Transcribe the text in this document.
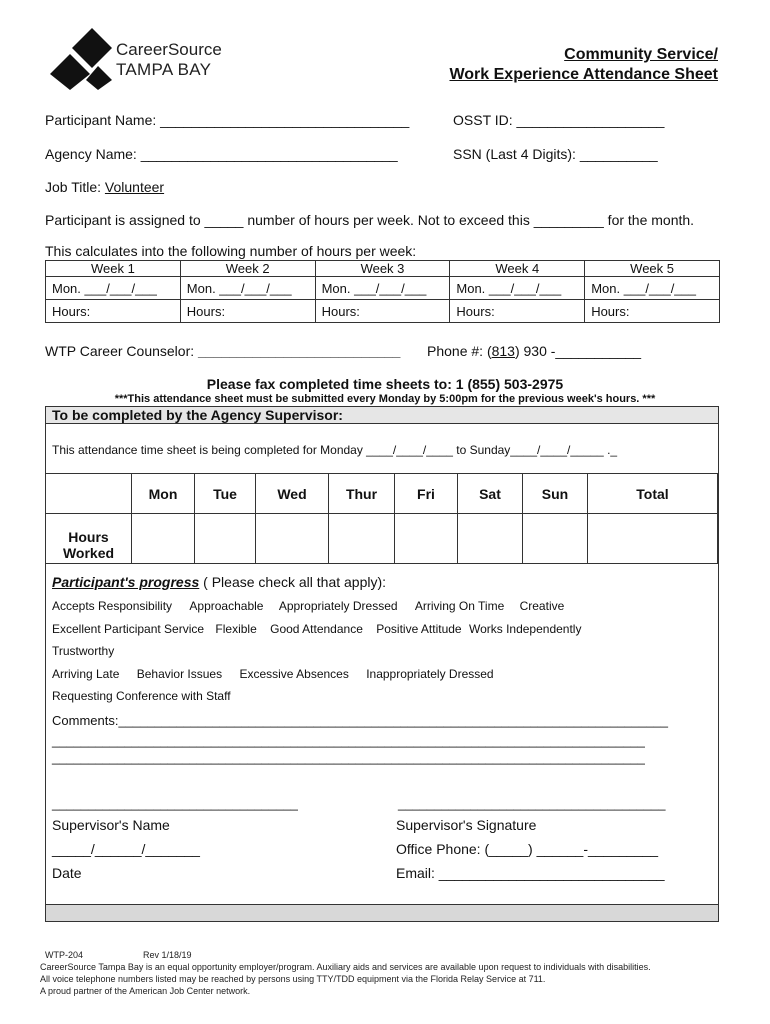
CareerSource
TAMPA BAY
Community Service/
Work Experience Attendance Sheet
Participant Name: ________________________________	OSST ID: ___________________
Agency Name: _________________________________	SSN (Last 4 Digits): __________
Job Title: Volunteer
Participant is assigned to _____ number of hours per week. Not to exceed this _________ for the month.
This calculates into the following number of hours per week:
Week 1	Week 2	Week 3	Week 4	Week 5
Mon. ___/___/___	Mon. ___/___/___	Mon. ___/___/___	Mon. ___/___/___	Mon. ___/___/___
Hours:	Hours:	Hours:	Hours:	Hours:
WTP Career Counselor: __________________________ Phone #: (813) 930 -___________
Please fax completed time sheets to: 1 (855) 503-2975
***This attendance sheet must be submitted every Monday by 5:00pm for the previous week's hours. ***
To be completed by the Agency Supervisor:
This attendance time sheet is being completed for Monday ____/____/____ to Sunday____/____/_____ ._
	Mon	Tue	Wed	Thur	Fri	Sat	Sun	Total
Hours Worked								
Participant's progress ( Please check all that apply):
Accepts Responsibility Approachable Appropriately Dressed Arriving On Time Creative
Excellent Participant Service Flexible Good Attendance Positive Attitude Works Independently
Trustworthy
Arriving Late Behavior Issues Excessive Absences Inappropriately Dressed
Requesting Conference with Staff
Comments:____________________________________________________________________________
__________________________________________________________________________________
__________________________________________________________________________________
__________________________________	_____________________________________
Supervisor's Name	Supervisor's Signature
_____/______/_______	Office Phone: (_____) ______-_________
Date	Email: _____________________________
WTP-204	Rev 1/18/19
CareerSource Tampa Bay is an equal opportunity employer/program. Auxiliary aids and services are available upon request to individuals with disabilities.
All voice telephone numbers listed may be reached by persons using TTY/TDD equipment via the Florida Relay Service at 711.
A proud partner of the American Job Center network.
